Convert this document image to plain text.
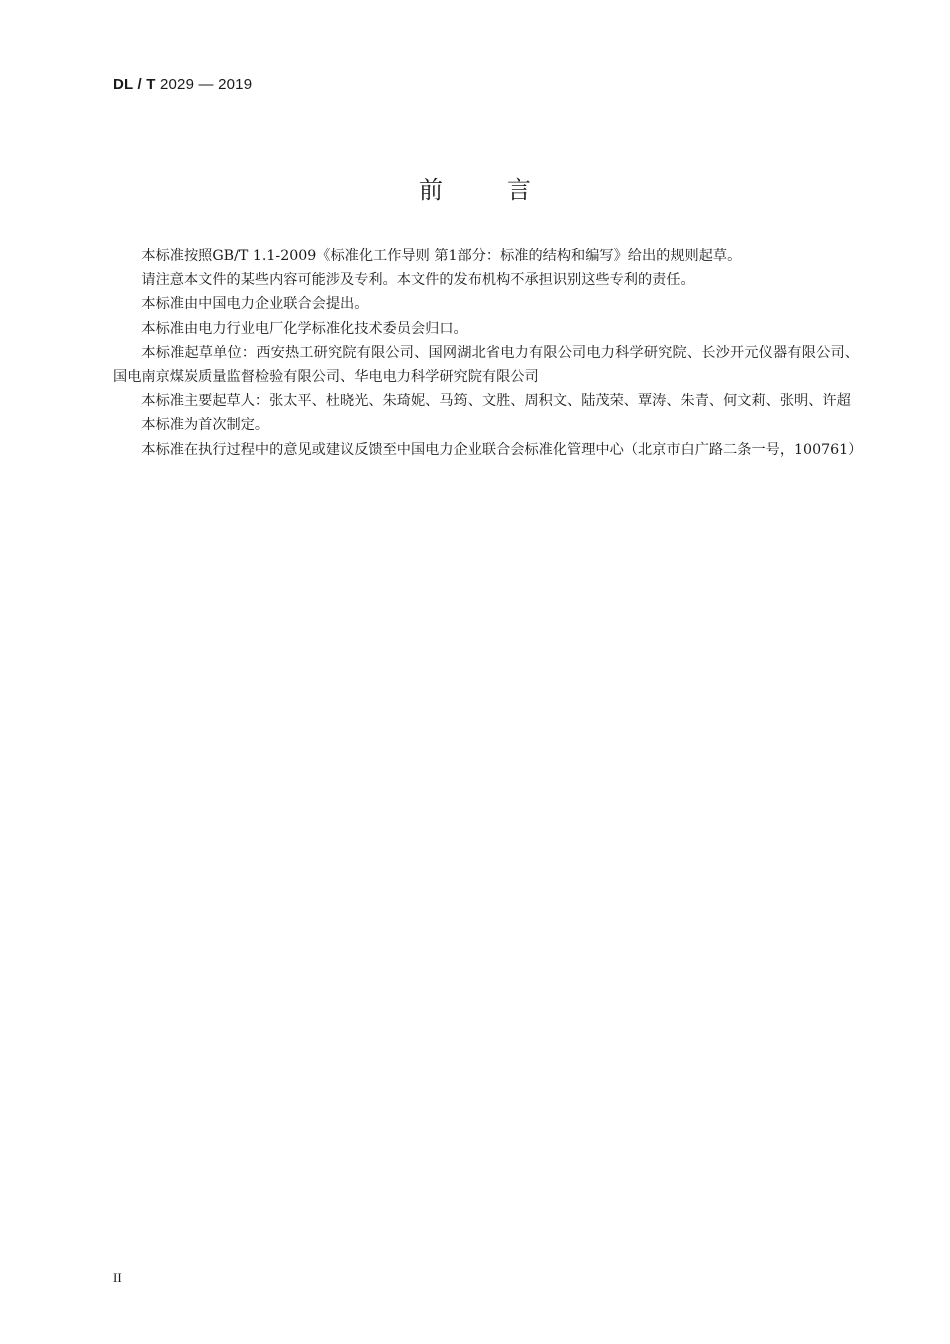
DL / T 2029 — 2019
前言

本标准按照GB/T 1.1-2009《标准化工作导则 第1部分：标准的结构和编写》给出的规则起草。

请注意本文件的某些内容可能涉及专利。本文件的发布机构不承担识别这些专利的责任。

本标准由中国电力企业联合会提出。

本标准由电力行业电厂化学标准化技术委员会归口。

本标准起草单位：西安热工研究院有限公司、国网湖北省电力有限公司电力科学研究院、长沙开元仪器有限公司、国电南京煤炭质量监督检验有限公司、华电电力科学研究院有限公司

本标准主要起草人：张太平、杜晓光、朱琦妮、马筠、文胜、周积文、陆茂荣、覃涛、朱青、何文莉、张明、许超

本标准为首次制定。

本标准在执行过程中的意见或建议反馈至中国电力企业联合会标准化管理中心（北京市白广路二条一号，100761）

II
